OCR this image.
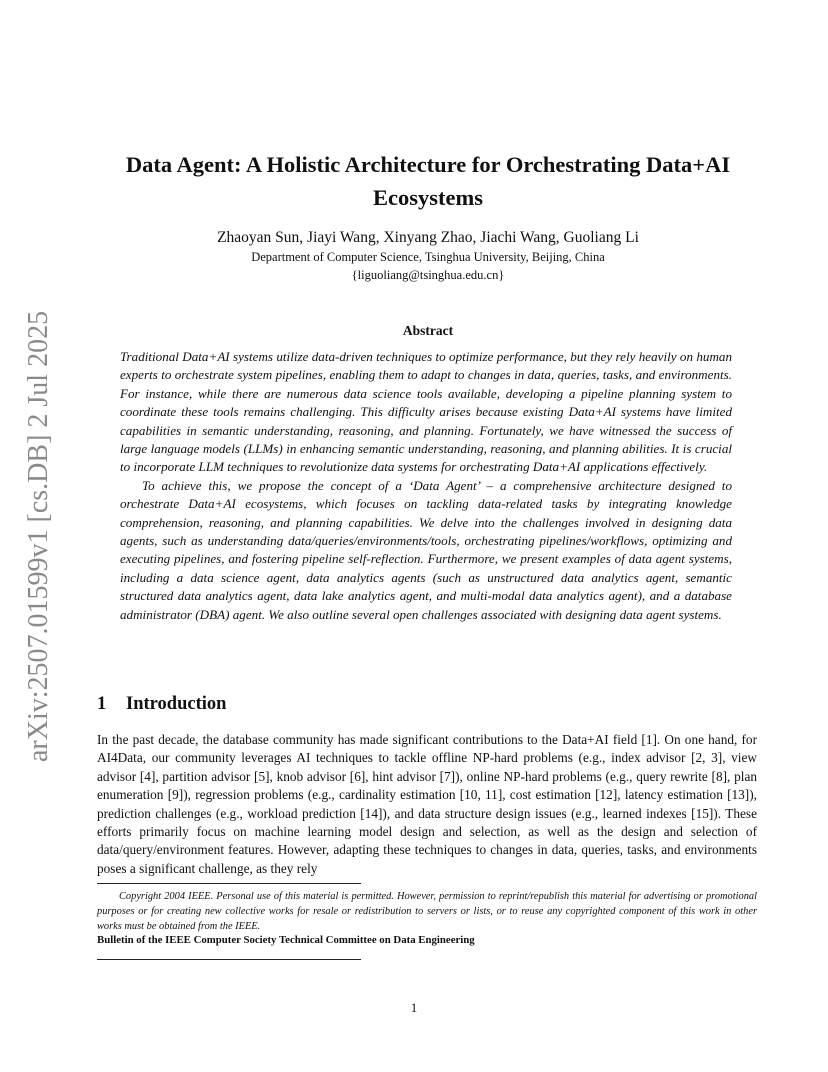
arXiv:2507.01599v1 [cs.DB] 2 Jul 2025
Data Agent: A Holistic Architecture for Orchestrating Data+AI Ecosystems
Zhaoyan Sun, Jiayi Wang, Xinyang Zhao, Jiachi Wang, Guoliang Li
Department of Computer Science, Tsinghua University, Beijing, China
{liguoliang@tsinghua.edu.cn}
Abstract

Traditional Data+AI systems utilize data-driven techniques to optimize performance, but they rely heavily on human experts to orchestrate system pipelines, enabling them to adapt to changes in data, queries, tasks, and environments. For instance, while there are numerous data science tools available, developing a pipeline planning system to coordinate these tools remains challenging. This difficulty arises because existing Data+AI systems have limited capabilities in semantic understanding, reasoning, and planning. Fortunately, we have witnessed the success of large language models (LLMs) in enhancing semantic understanding, reasoning, and planning abilities. It is crucial to incorporate LLM techniques to revolutionize data systems for orchestrating Data+AI applications effectively.

To achieve this, we propose the concept of a ‘Data Agent’ – a comprehensive architecture designed to orchestrate Data+AI ecosystems, which focuses on tackling data-related tasks by integrating knowledge comprehension, reasoning, and planning capabilities. We delve into the challenges involved in designing data agents, such as understanding data/queries/environments/tools, orchestrating pipelines/workflows, optimizing and executing pipelines, and fostering pipeline self-reflection. Furthermore, we present examples of data agent systems, including a data science agent, data analytics agents (such as unstructured data analytics agent, semantic structured data analytics agent, data lake analytics agent, and multi-modal data analytics agent), and a database administrator (DBA) agent. We also outline several open challenges associated with designing data agent systems.

1 Introduction

In the past decade, the database community has made significant contributions to the Data+AI field [1]. On one hand, for AI4Data, our community leverages AI techniques to tackle offline NP-hard problems (e.g., index advisor [2, 3], view advisor [4], partition advisor [5], knob advisor [6], hint advisor [7]), online NP-hard problems (e.g., query rewrite [8], plan enumeration [9]), regression problems (e.g., cardinality estimation [10, 11], cost estimation [12], latency estimation [13]), prediction challenges (e.g., workload prediction [14]), and data structure design issues (e.g., learned indexes [15]). These efforts primarily focus on machine learning model design and selection, as well as the design and selection of data/query/environment features. However, adapting these techniques to changes in data, queries, tasks, and environments poses a significant challenge, as they rely

Copyright 2004 IEEE. Personal use of this material is permitted. However, permission to reprint/republish this material for advertising or promotional purposes or for creating new collective works for resale or redistribution to servers or lists, or to reuse any copyrighted component of this work in other works must be obtained from the IEEE.
Bulletin of the IEEE Computer Society Technical Committee on Data Engineering
1
